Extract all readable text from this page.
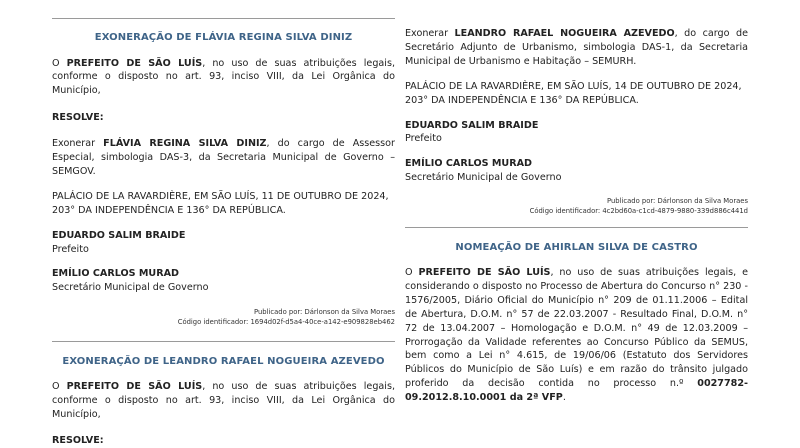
EXONERAÇÃO DE FLÁVIA REGINA SILVA DINIZ

O PREFEITO DE SÃO LUÍS, no uso de suas atribuições legais, conforme o disposto no art. 93, inciso VIII, da Lei Orgânica do Município,

RESOLVE:

Exonerar FLÁVIA REGINA SILVA DINIZ, do cargo de Assessor Especial, simbologia DAS-3, da Secretaria Municipal de Governo – SEMGOV.

PALÁCIO DE LA RAVARDIÈRE, EM SÃO LUÍS, 11 DE OUTUBRO DE 2024, 203° DA INDEPENDÊNCIA E 136° DA REPÚBLICA.

EDUARDO SALIM BRAIDE

Prefeito

EMÍLIO CARLOS MURAD

Secretário Municipal de Governo

Publicado por: Dárlonson da Silva Moraes
Código identificador: 1694d02f-d5a4-40ce-a142-e909828eb462
EXONERAÇÃO DE LEANDRO RAFAEL NOGUEIRA AZEVEDO

O PREFEITO DE SÃO LUÍS, no uso de suas atribuições legais, conforme o disposto no art. 93, inciso VIII, da Lei Orgânica do Município,

RESOLVE:

Exonerar LEANDRO RAFAEL NOGUEIRA AZEVEDO, do cargo de Secretário Adjunto de Urbanismo, simbologia DAS-1, da Secretaria Municipal de Urbanismo e Habitação – SEMURH.

PALÁCIO DE LA RAVARDIÈRE, EM SÃO LUÍS, 14 DE OUTUBRO DE 2024, 203° DA INDEPENDÊNCIA E 136° DA REPÚBLICA.

EDUARDO SALIM BRAIDE

Prefeito

EMÍLIO CARLOS MURAD

Secretário Municipal de Governo

Publicado por: Dárlonson da Silva Moraes
Código identificador: 4c2bd60a-c1cd-4879-9880-339d886c441d
NOMEAÇÃO DE AHIRLAN SILVA DE CASTRO

O PREFEITO DE SÃO LUÍS, no uso de suas atribuições legais, e considerando o disposto no Processo de Abertura do Concurso n° 230 - 1576/2005, Diário Oficial do Município n° 209 de 01.11.2006 – Edital de Abertura, D.O.M. n° 57 de 22.03.2007 - Resultado Final, D.O.M. n° 72 de 13.04.2007 – Homologação e D.O.M. n° 49 de 12.03.2009 –Prorrogação da Validade referentes ao Concurso Público da SEMUS, bem como a Lei n° 4.615, de 19/06/06 (Estatuto dos Servidores Públicos do Município de São Luís) e em razão do trânsito julgado proferido da decisão contida no processo n.º 0027782-09.2012.8.10.0001 da 2ª VFP.
